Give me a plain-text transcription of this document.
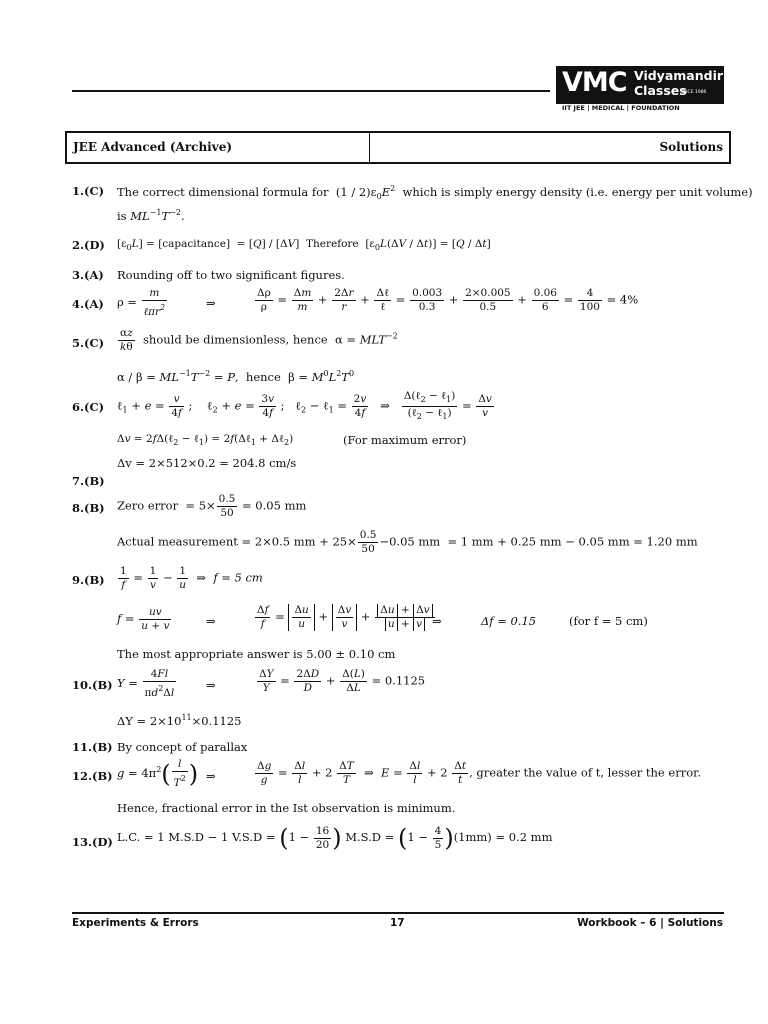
VMC Vidyamandir
Classes
SINCE 1986
IIT JEE | MEDICAL | FOUNDATION
JEE Advanced (Archive)	Solutions
1.(C) The correct dimensional formula for  $(1 / 2)\varepsilon_0E^2$ which is simply energy density (i.e. energy per unit volume)
is $ML^{-1}T^{-2}$.
2.(D) $[\varepsilon_0L]$ = [capacitance]  = [Q] / [ΔV]  Therefore  $[\varepsilon_0L(\Delta V / \Delta t)] = [Q / \Delta t]$
3.(A) Rounding off to two significant figures.
4.(A) $\rho = \frac{m}{\ell\pi r^2}$	⇒	$\frac{\Delta\rho}{\rho} = \frac{\Delta m}{m} + \frac{2\Delta r}{r} + \frac{\text{Δℓ}}{\text{ℓ}} = \frac{0.003}{0.3} + \frac{2\times 0.005}{0.5} + \frac{0.06}{6} = \frac{4}{100} = 4\%$
$5.(C) \frac{\alpha z}{k\theta}$ should be dimensionless, hence  $\alpha = MLT^{-2}$
$\alpha / \beta = ML^{-1}T^{-2} = P$,  hence  $\beta = M^0L^2T^0$
6.(C) ℓ$_1$ + $e = \frac{v}{4f}$ ;    ℓ$_2$ + $e = \frac{3v}{4f}$ ;   ℓ$_2$ − ℓ$_1$ = $\frac{2v}{4f}$ ⇒ $\frac{\Delta(\ell_2 - \ell_1)}{(\ell_2 - \ell_1)} = \frac{\Delta v}{v}$
Δv = 2fΔ(ℓ$_2$ − ℓ$_1$) = 2f(Δℓ$_1$ + Δℓ$_2$)	(For maximum error)
Δv = 2×512×0.2 = 204.8 cm/s
7.(B)
8.(B) Zero error  = $5\times \frac{0.5}{50} = 0.05$ mm
Actual measurement = 2×0.5 mm + $25\times \frac{0.5}{50} -0.05$ mm  = 1 mm + 0.25 mm − 0.05 mm = 1.20 mm
$9.(B) \frac{1}{f} = \frac{1}{v} - \frac{1}{u}$ ⇒  f = 5 cm
$f = \frac{uv}{u + v}$	⇒	$\frac{\Delta f}{f} = \frac{\Delta u}{u} + \frac{\Delta v}{v} + \frac{\Delta u + \Delta v}{u + v}$
⇒	Δf = 0.15	(for f = 5 cm)
The most appropriate answer is 5.00 ± 0.10 cm
10.(B) $Y = \frac{4Fl}{\pi d^2\Delta l}$	⇒	$\frac{\Delta Y}{Y} = \frac{2\Delta D}{D} + \frac{\Delta(L)}{\Delta L} = 0.1125$
$\Delta Y = 2\times 10^{11}\times 0.1125$
11.(B) By concept of parallax
12.(B) $g = 4\pi^2( \frac{l}{T^2}$ ) ⇒	$\frac{\Delta g}{g} = \frac{\Delta l}{l} + 2 \frac{\Delta T}{T}$ ⇒  $E = \frac{\Delta l}{l} + 2 \frac{\Delta t}{t}$ , greater the value of t, lesser the error.
Hence, fractional error in the Ist observation is minimum.
13.(D) L.C. = 1 M.S.D − 1 $V.S.D = (1 - \frac{16}{20}$ ) $M.S.D = (1 - \frac{4}{5} )(1mm) = 0.2$ mm
Experiments & Errors	17	Workbook – 6 | Solutions
